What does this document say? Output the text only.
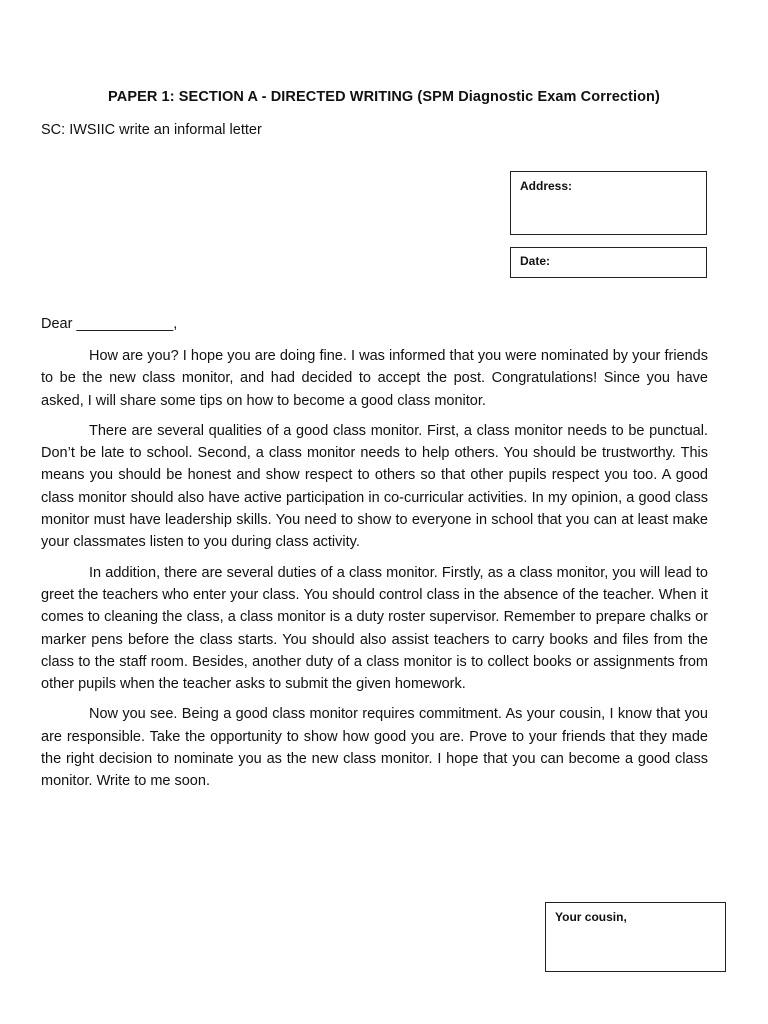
PAPER 1: SECTION A - DIRECTED WRITING (SPM Diagnostic Exam Correction)
SC: IWSIIC write an informal letter
Address:
Date:
Dear ____________,

How are you? I hope you are doing fine. I was informed that you were nominated by your friends to be the new class monitor, and had decided to accept the post. Congratulations! Since you have asked, I will share some tips on how to become a good class monitor.

There are several qualities of a good class monitor. First, a class monitor needs to be punctual. Don’t be late to school. Second, a class monitor needs to help others. You should be trustworthy. This means you should be honest and show respect to others so that other pupils respect you too. A good class monitor should also have active participation in co-curricular activities. In my opinion, a good class monitor must have leadership skills. You need to show to everyone in school that you can at least make your classmates listen to you during class activity.

In addition, there are several duties of a class monitor. Firstly, as a class monitor, you will lead to greet the teachers who enter your class. You should control class in the absence of the teacher. When it comes to cleaning the class, a class monitor is a duty roster supervisor. Remember to prepare chalks or marker pens before the class starts. You should also assist teachers to carry books and files from the class to the staff room. Besides, another duty of a class monitor is to collect books or assignments from other pupils when the teacher asks to submit the given homework.

Now you see. Being a good class monitor requires commitment. As your cousin, I know that you are responsible. Take the opportunity to show how good you are. Prove to your friends that they made the right decision to nominate you as the new class monitor. I hope that you can become a good class monitor. Write to me soon.

Your cousin,
